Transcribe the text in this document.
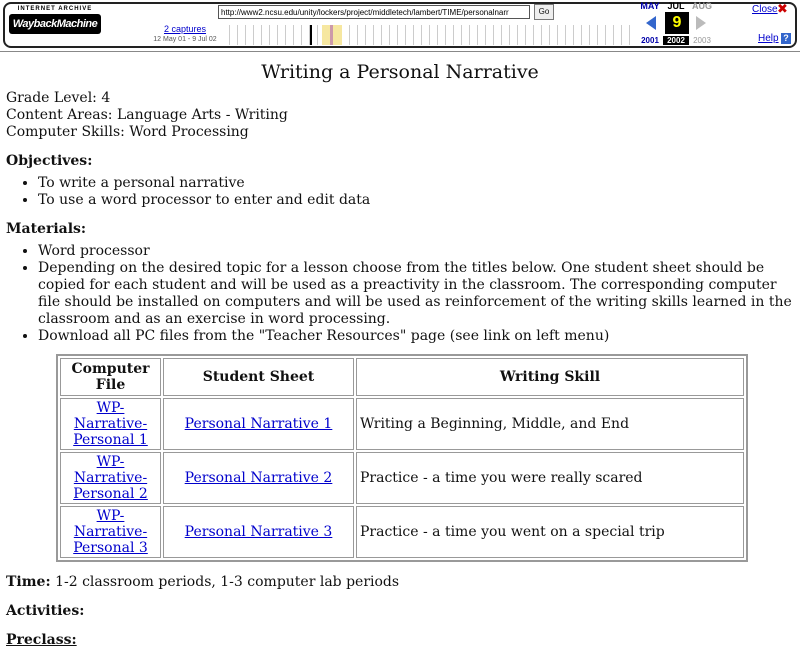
INTERNET ARCHIVE
WaybackMachine
http://www2.ncsu.edu/unity/lockers/project/middletech/lambert/TIME/personalnarr	Go
2 captures
12 May 01 - 9 Jul 02
MAY JUL AUG
9
2001	2002	2003
Close ✖
Help ?
Writing a Personal Narrative

Grade Level: 4

Content Areas: Language Arts - Writing

Computer Skills: Word Processing

Objectives:

• To write a personal narrative
• To use a word processor to enter and edit data

Materials:

• Word processor
• Depending on the desired topic for a lesson choose from the titles below. One student sheet should be copied for each student and will be used as a preactivity in the classroom. The corresponding computer file should be installed on computers and will be used as reinforcement of the writing skills learned in the classroom and as an exercise in word processing.
• Download all PC files from the "Teacher Resources" page (see link on left menu)
Computer File	Student Sheet	Writing Skill
WP-Narrative-Personal 1	Personal Narrative 1	Writing a Beginning, Middle, and End
WP-Narrative-Personal 2	Personal Narrative 2	Practice - a time you were really scared
WP-Narrative-Personal 3	Personal Narrative 3	Practice - a time you went on a special trip

Time: 1-2 classroom periods, 1-3 computer lab periods

Activities:

Preclass:
